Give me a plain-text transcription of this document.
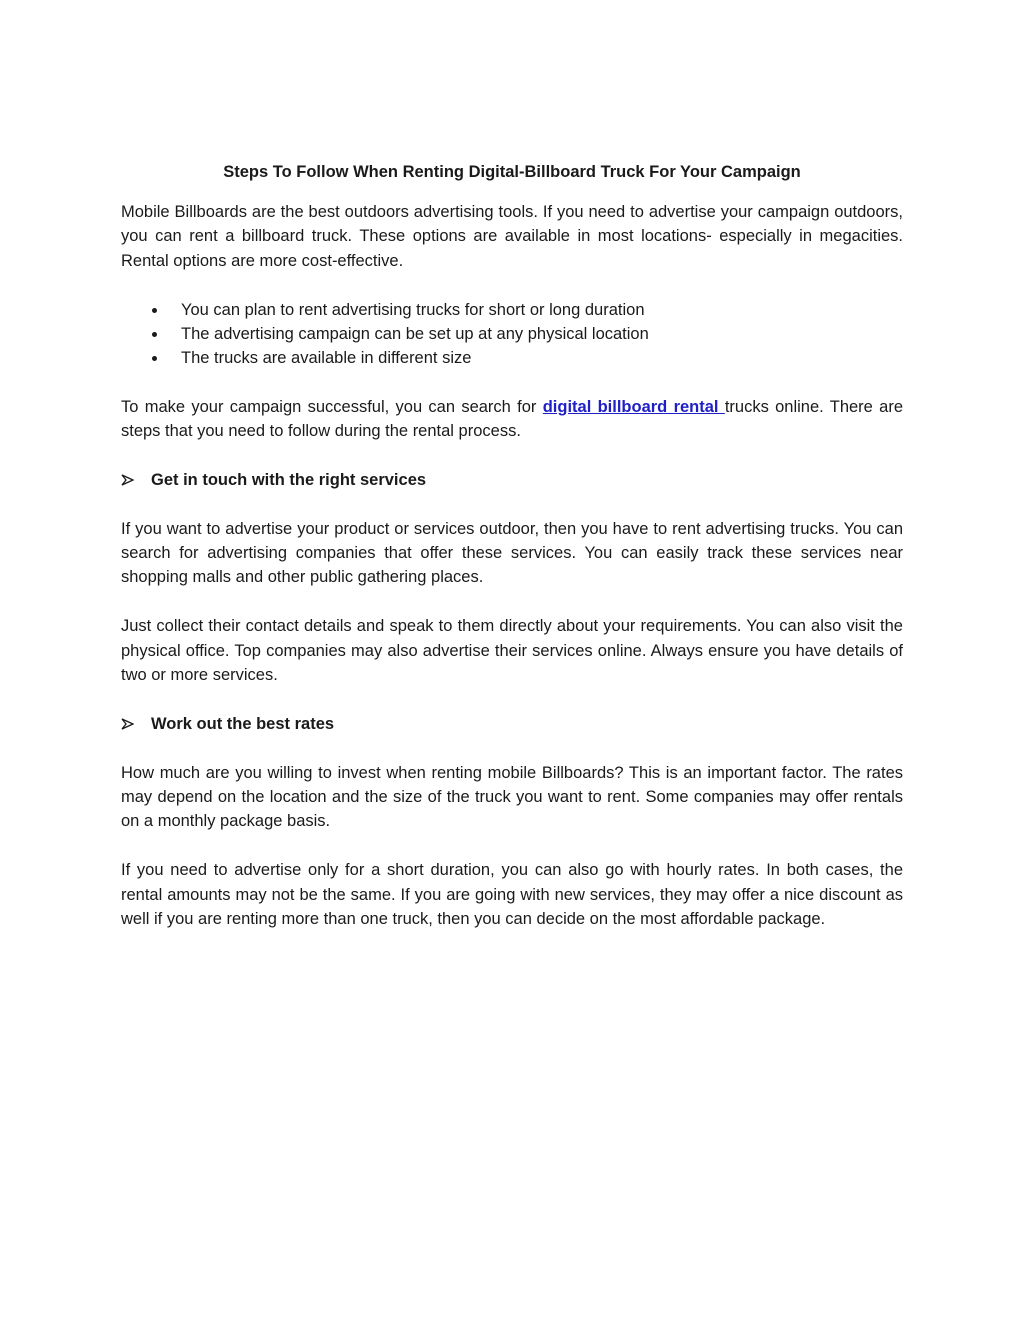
Steps To Follow When Renting Digital-Billboard Truck For Your Campaign

Mobile Billboards are the best outdoors advertising tools. If you need to advertise your campaign outdoors, you can rent a billboard truck. These options are available in most locations- especially in megacities. Rental options are more cost-effective.

You can plan to rent advertising trucks for short or long duration
The advertising campaign can be set up at any physical location
The trucks are available in different size

To make your campaign successful, you can search for digital billboard rental trucks online. There are steps that you need to follow during the rental process.

Get in touch with the right services

If you want to advertise your product or services outdoor, then you have to rent advertising trucks. You can search for advertising companies that offer these services. You can easily track these services near shopping malls and other public gathering places.

Just collect their contact details and speak to them directly about your requirements. You can also visit the physical office. Top companies may also advertise their services online. Always ensure you have details of two or more services.

Work out the best rates

How much are you willing to invest when renting mobile Billboards? This is an important factor. The rates may depend on the location and the size of the truck you want to rent. Some companies may offer rentals on a monthly package basis.

If you need to advertise only for a short duration, you can also go with hourly rates. In both cases, the rental amounts may not be the same. If you are going with new services, they may offer a nice discount as well if you are renting more than one truck, then you can decide on the most affordable package.
